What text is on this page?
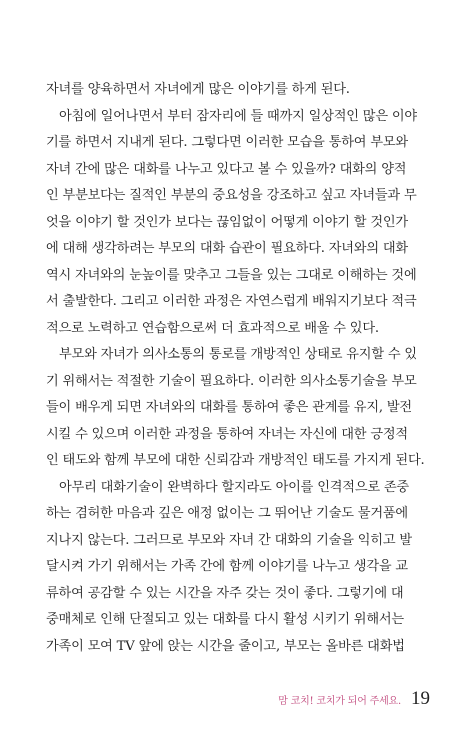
자녀를 양육하면서 자녀에게 많은 이야기를 하게 된다.
아침에 일어나면서 부터 잠자리에 들 때까지 일상적인 많은 이야
기를 하면서 지내게 된다. 그렇다면 이러한 모습을 통하여 부모와
자녀 간에 많은 대화를 나누고 있다고 볼 수 있을까? 대화의 양적
인 부분보다는 질적인 부분의 중요성을 강조하고 싶고 자녀들과 무
엇을 이야기 할 것인가 보다는 끊임없이 어떻게 이야기 할 것인가
에 대해 생각하려는 부모의 대화 습관이 필요하다. 자녀와의 대화
역시 자녀와의 눈높이를 맞추고 그들을 있는 그대로 이해하는 것에
서 출발한다. 그리고 이러한 과정은 자연스럽게 배워지기보다 적극
적으로 노력하고 연습함으로써 더 효과적으로 배울 수 있다.
부모와 자녀가 의사소통의 통로를 개방적인 상태로 유지할 수 있
기 위해서는 적절한 기술이 필요하다. 이러한 의사소통기술을 부모
들이 배우게 되면 자녀와의 대화를 통하여 좋은 관계를 유지, 발전
시킬 수 있으며 이러한 과정을 통하여 자녀는 자신에 대한 긍정적
인 태도와 함께 부모에 대한 신뢰감과 개방적인 태도를 가지게 된다.
아무리 대화기술이 완벽하다 할지라도 아이를 인격적으로 존중
하는 겸허한 마음과 깊은 애정 없이는 그 뛰어난 기술도 물거품에
지나지 않는다. 그러므로 부모와 자녀 간 대화의 기술을 익히고 발
달시켜 가기 위해서는 가족 간에 함께 이야기를 나누고 생각을 교
류하여 공감할 수 있는 시간을 자주 갖는 것이 좋다. 그렇기에 대
중매체로 인해 단절되고 있는 대화를 다시 활성 시키기 위해서는
가족이 모여 TV 앞에 앉는 시간을 줄이고, 부모는 올바른 대화법
맘 코치! 코치가 되어 주세요. 19
